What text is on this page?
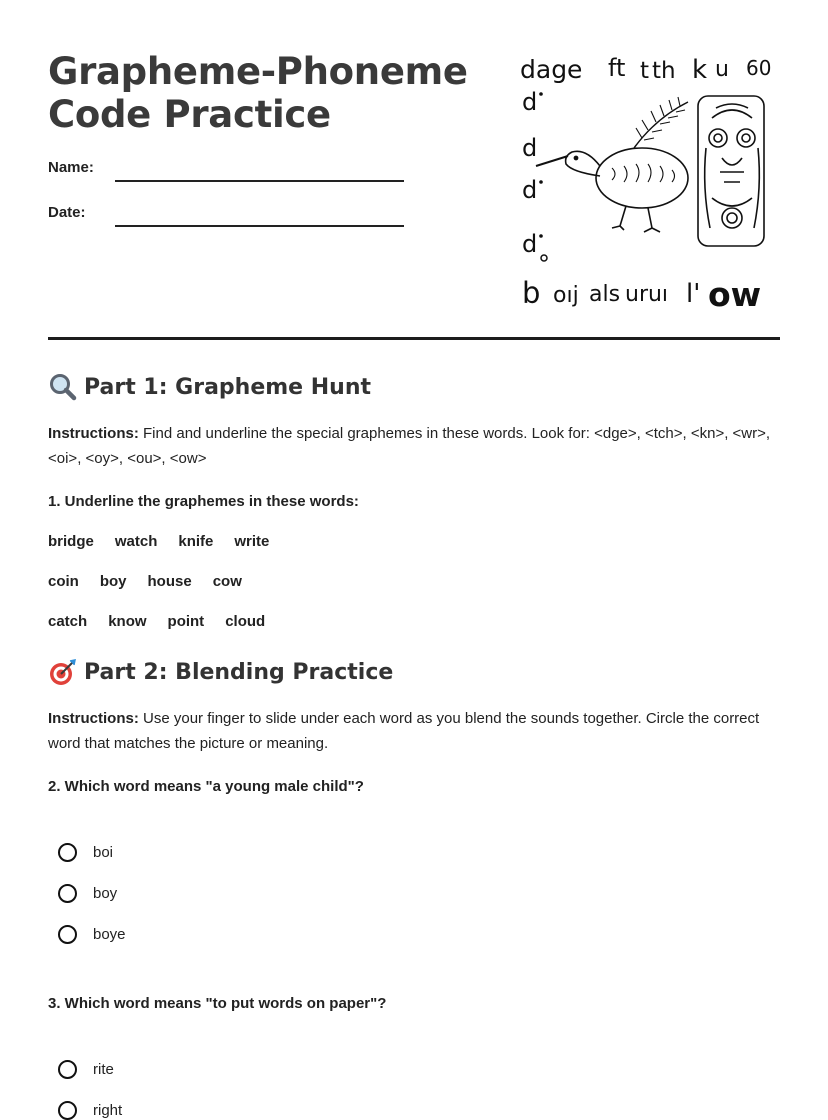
Grapheme-Phoneme
Code Practice
Name:
Date:
dage ft t th k u 60
d
d
d
d
b oıj als uruı l' ow
Part 1: Grapheme Hunt
Instructions: Find and underline the special graphemes in these words. Look for: <dge>, <tch>, <kn>, <wr>, <oi>, <oy>, <ou>, <ow>
1. Underline the graphemes in these words:
bridge watch knife write
coin boy house cow
catch know point cloud
Part 2: Blending Practice
Instructions: Use your finger to slide under each word as you blend the sounds together. Circle the correct word that matches the picture or meaning.
2. Which word means "a young male child"?
boi
boy
boye
3. Which word means "to put words on paper"?
rite
right
